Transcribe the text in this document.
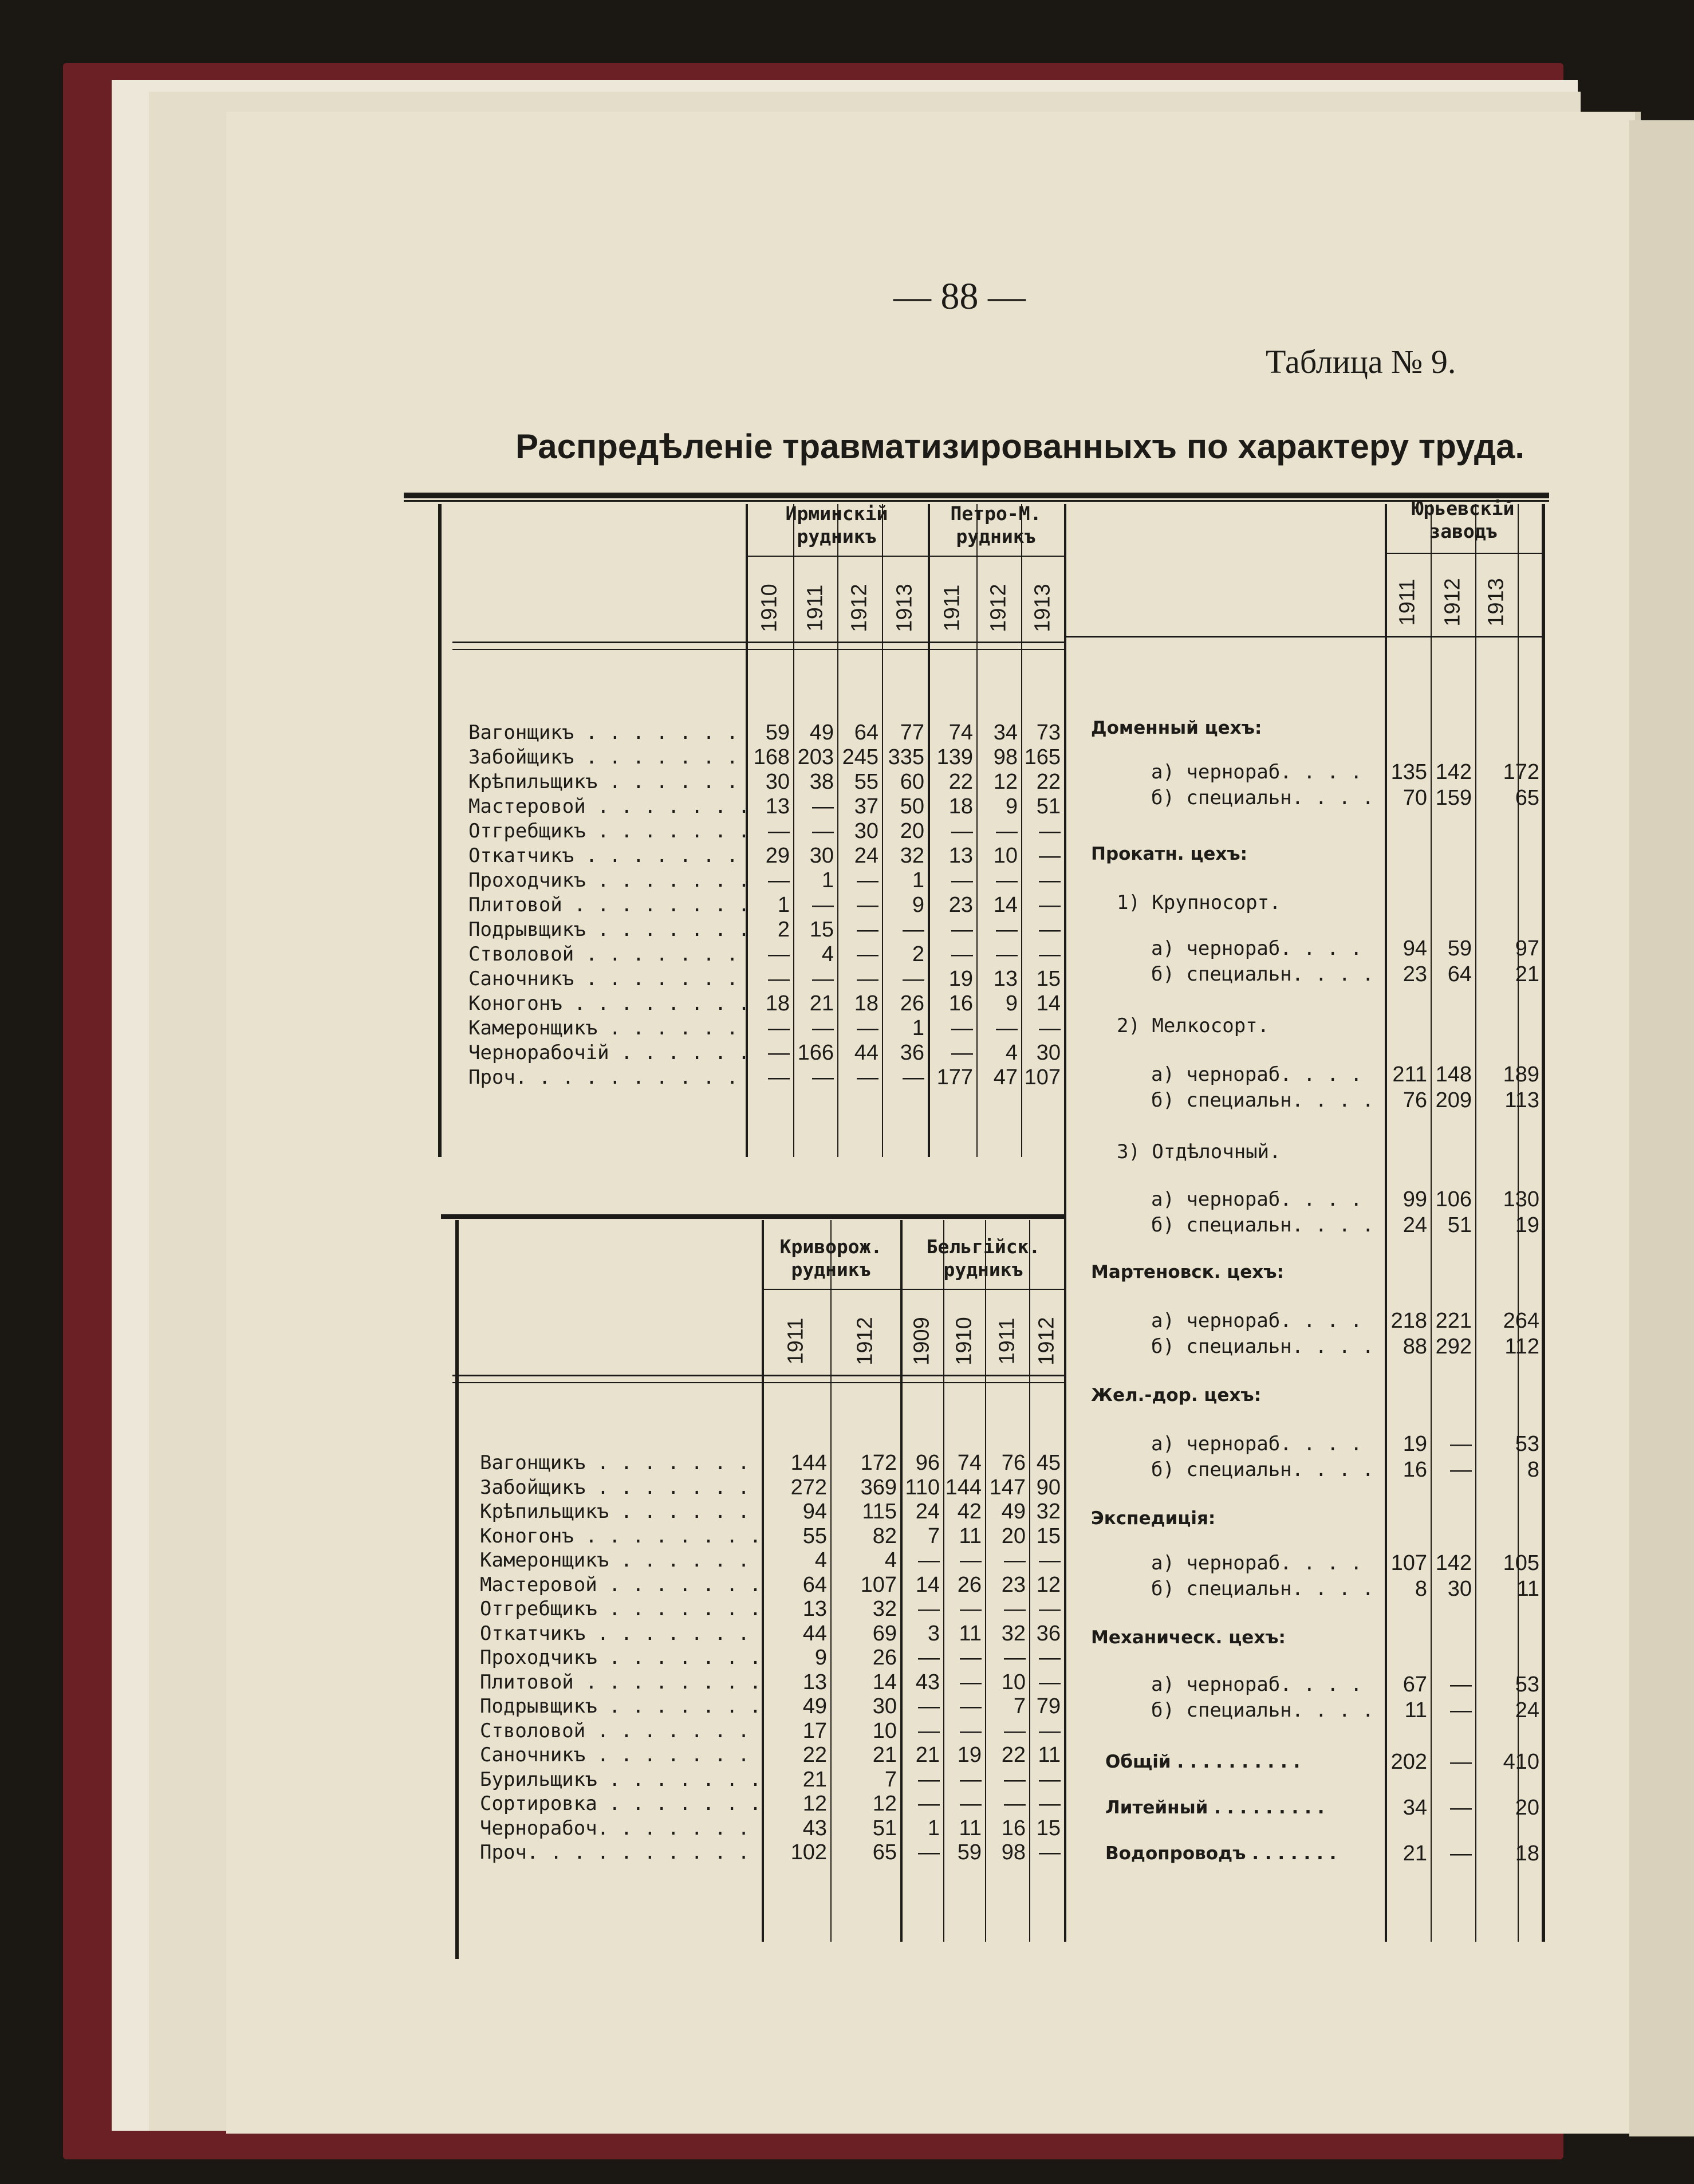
— 88 —
Таблица № 9.
Распредѣленіе травматизированныхъ по характеру труда.
Ирминскій
рудникъ
Петро-М.
рудникъ
1910 1911 1912 1913 1911 1912 1913
Вагонщикъ . . . . . . . 59 49 64 77	74 34 73
Забойщикъ . . . . . . . 168 203 245 335 139 98 165
Крѣпильщикъ . . . . . . 30 38 55 60	22 12 22
Мастеровой . . . . . . . 13	— 37 50	18	9 51
Отгребщикъ . . . . . . . —	— 30 20	—	— —
Откатчикъ . . . . . . . 29 30 24 32	13 10 —
Проходчикъ . . . . . . . —	1	—	1	—	— —
Плитовой . . . . . . . .	1	—	—	9	23 14 —
Подрывщикъ . . . . . . .	2 15	—	—	—	— —
Стволовой . . . . . . . —	4	—	2	—	— —
Саночникъ . . . . . . . —	—	—	—	19 13 15
Коногонъ . . . . . . . . 18 21 18 26	16	9 14
Камеронщикъ . . . . . . —	—	—	1	—	— —
Чернорабочій . . . . . . — 166 44 36	—	4 30
Проч. . . . . . . . . . —	—	—	— 177 47 107
Криворож.
рудникъ
Бельгійск.
рудникъ
1911 1912 1909 1910 1911 1912
Вагонщикъ . . . . . . .	144	172 96 74 76 45
Забойщикъ . . . . . . .	272	369 110 144 147 90
Крѣпильщикъ . . . . . .	94	115 24 42 49 32
Коногонъ . . . . . . . .	55	82	7 11 20 15
Камеронщикъ . . . . . .	4	4 — —	— —
Мастеровой . . . . . . .	64	107 14 26 23 12
Отгребщикъ . . . . . . .	13	32 — —	— —
Откатчикъ . . . . . . .	44	69	3 11 32 36
Проходчикъ . . . . . . .	9	26 — —	— —
Плитовой . . . . . . . .	13	14 43 — 10 —
Подрывщикъ . . . . . . .	49	30 — —	7 79
Стволовой . . . . . . .	17	10 — —	— —
Саночникъ . . . . . . .	22	21 21 19 22 11
Бурильщикъ . . . . . . .	21	7 — —	— —
Сортировка . . . . . . .	12	12 — —	— —
Чернорабоч. . . . . . .	43	51	1 11 16 15
Проч. . . . . . . . . .	102	65 — 59 98 —
Юрьевскій
заводъ
1911 1912 1913
Доменный цехъ:
а) черноpаб. . . . 135 142	172
б) специальн. . . .	70 159	65
Прокатн. цехъ:
1) Крупносорт.
а) чернораб. . . .	94 59	97
б) специальн. . . .	23 64	21
2) Мелкосорт.
а) чернораб. . . . 211 148	189
б) специальн. . . .	76 209	113
3) Отдѣлочный.
а) чернораб. . . .	99 106	130
б) специальн. . . .	24 51	19
Мартеновск. цехъ:
а) чернораб. . . . 218 221	264
б) специальн. . . .	88 292	112
Жел.-дор. цехъ:
а) чернораб. . . .	19	—	53
б) специальн. . . .	16	—	8
Экспедиція:
а) чернораб. . . . 107 142	105
б) специальн. . . .	8 30	11
Механическ. цехъ:
а) чернораб. . . .	67	—	53
б) специальн. . . .	11	—	24
Общій . . . . . . . . . .	202	—	410
Литейный . . . . . . . . .	34	—	20
Водопроводъ . . . . . . .	21	—	18
